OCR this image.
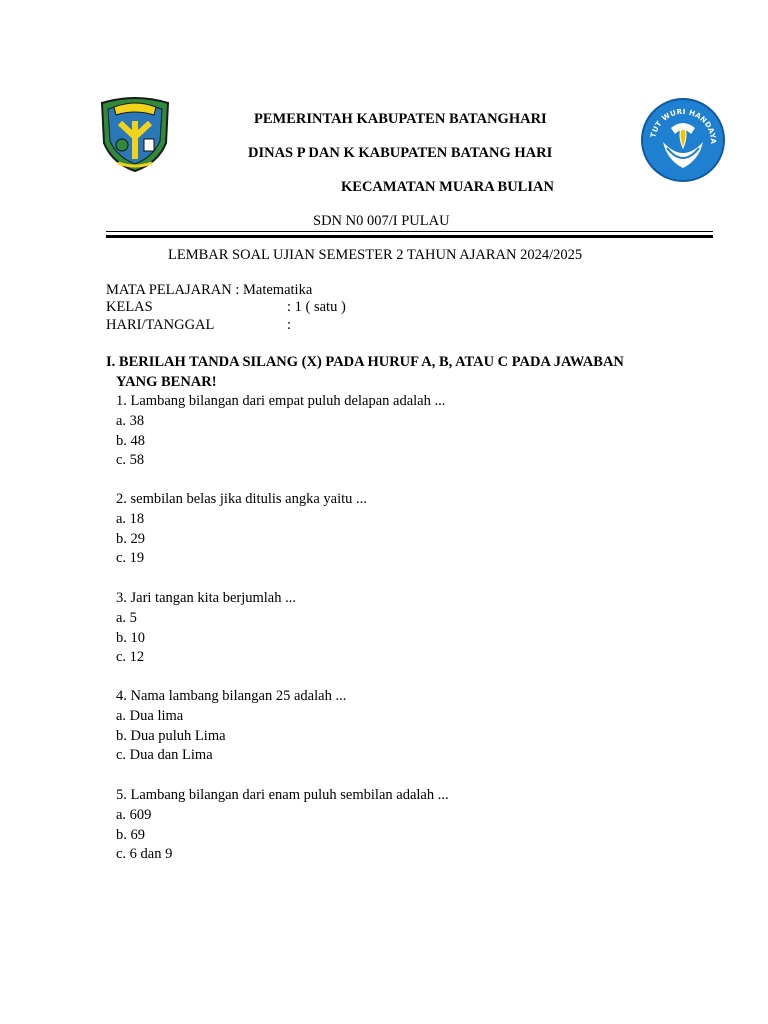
TUT WURI HANDAYA
PEMERINTAH KABUPATEN BATANGHARI
DINAS P DAN K KABUPATEN BATANG HARI
KECAMATAN MUARA BULIAN
SDN N0 007/I PULAU
LEMBAR SOAL UJIAN SEMESTER 2 TAHUN AJARAN 2024/2025
MATA PELAJARAN : Matematika
KELAS	: 1 ( satu )
HARI/TANGGAL	:
I. BERILAH TANDA SILANG (X) PADA HURUF A, B, ATAU C PADA JAWABAN
YANG BENAR!
1. Lambang bilangan dari empat puluh delapan adalah ...
a. 38
b. 48
c. 58
2. sembilan belas jika ditulis angka yaitu ...
a. 18
b. 29
c. 19
3. Jari tangan kita berjumlah ...
a. 5
b. 10
c. 12
4. Nama lambang bilangan 25 adalah ...
a. Dua lima
b. Dua puluh Lima
c. Dua dan Lima
5. Lambang bilangan dari enam puluh sembilan adalah ...
a. 609
b. 69
c. 6 dan 9
